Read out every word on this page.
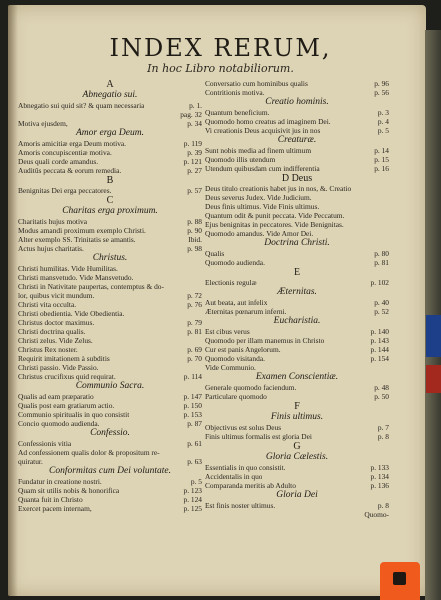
INDEX RERUM,
In hoc Libro notabiliorum.
A
Abnegatio sui.
Abnegatio sui quid sit? & quam necessaria	p. 1.
pag. 32
Motiva ejusdem,	p. 34
Amor erga Deum.
Amoris amicitiæ erga Deum motiva.	p. 119
Amoris concupiscentiæ motiva.	p. 39
Deus quali corde amandus.	p. 121
Auditûs peccata & eorum remedia.	p. 27
B
Benignitas Dei erga peccatores.	p. 57
C
Charitas erga proximum.
Charitatis hujus motiva	p. 88
Modus amandi proximum exemplo Christi.	p. 90
Alter exemplo SS. Trinitatis se amantis.	Ibid.
Actus hujus charitatis.	p. 98
Christus.
Christi humilitas. Vide Humilitas.
Christi mansvetudo. Vide Mansvetudo.
Christi in Nativitate paupertas, contemptus & do-
lor, quibus vicit mundum.	p. 72
Christi vita occulta.	p. 76
Christi obedientia. Vide Obedientia.
Christus doctor maximus.	p. 79
Christi doctrina qualis.	p. 81
Christi zelus. Vide Zelus.
Christus Rex noster.	p. 69
Requirit imitationem à subditis	p. 70
Christi passio. Vide Passio.
Christus crucifixus quid requirat.	p. 114
Communio Sacra.
Qualis ad eam præparatio	p. 147
Qualis post eam gratiarum actio.	p. 150
Communio spiritualis in quo consistit	p. 153
Concio quomodo audienda.	p. 87
Confessio.
Confessionis vitia	p. 61
Ad confessionem qualis dolor & propositum re-
quiratur.	p. 63
Conformitas cum Dei voluntate.
Fundatur in creatione nostri.	p. 5
Quam sit utilis nobis & honorifica	p. 123
Quanta fuit in Christo	p. 124
Exercet pacem internam,	p. 125
Conversatio cum hominibus qualis	p. 96
Contritionis motiva.	p. 56
Creatio hominis.
Quantum beneficium.	p. 3
Quomodo homo creatus ad imaginem Dei.	p. 4
Vi creationis Deus acquisivit jus in nos	p. 5
Creaturæ.
Sunt nobis media ad finem ultimum	p. 14
Quomodo illis utendum	p. 15
Utendum quibusdam cum indifferentia	p. 16
D Deus
Deus titulo creationis habet jus in nos, &. Creatio
Deus severus Judex. Vide Judicium.
Deus finis ultimus. Vide Finis ultimus.
Quantum odit & punit peccata. Vide Peccatum.
Ejus benignitas in peccatores. Vide Benignitas.
Quomodo amandus. Vide Amor Dei.
Doctrina Christi.
Qualis	p. 80
Quomodo audienda.	p. 81
E
Electionis regulæ	p. 102
Æternitas.
Aut beata, aut infelix	p. 40
Æternitas pœnarum inferni.	p. 52
Eucharistia.
Est cibus verus	p. 140
Quomodo per illam manemus in Christo	p. 143
Cur est panis Angelorum.	p. 144
Quomodo visitanda.	p. 154
Vide Communio.
Examen Conscientiæ.
Generale quomodo faciendum.	p. 48
Particulare quomodo	p. 50
F
Finis ultimus.
Objectivus est solus Deus	p. 7
Finis ultimus formalis est gloria Dei	p. 8
G
Gloria Cælestis.
Essentialis in quo consistit.	p. 133
Accidentalis in quo	p. 134
Comparanda meritis ab Adulto	p. 136
Gloria Dei
Est finis noster ultimus.	p. 8
Quomo-
